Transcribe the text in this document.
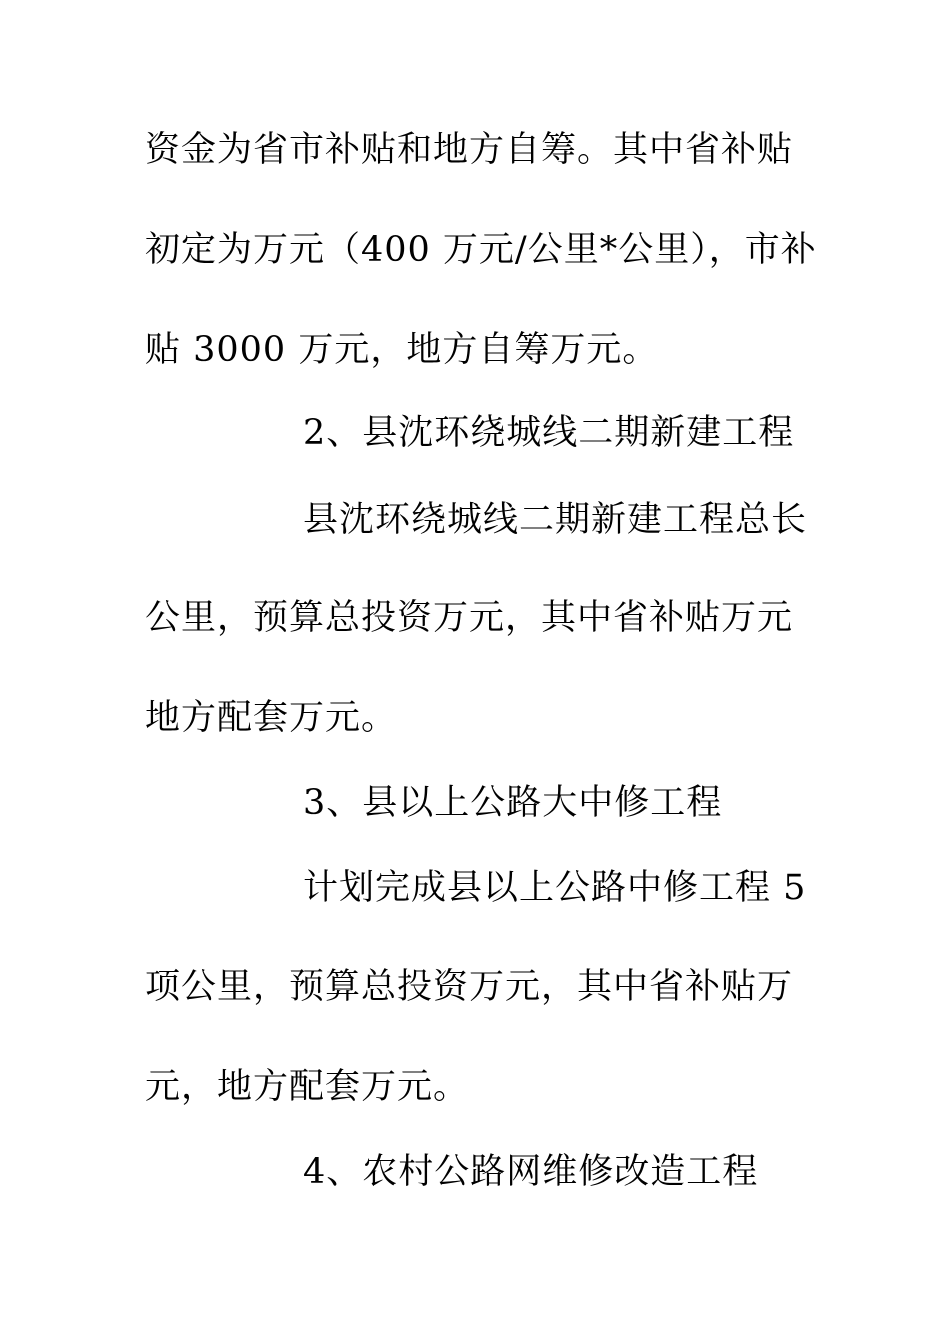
资金为省市补贴和地方自筹。其中省补贴
初定为万元（400 万元/公里*公里），市补
贴 3000 万元，地方自筹万元。
2、县沈环绕城线二期新建工程
县沈环绕城线二期新建工程总长
公里，预算总投资万元，其中省补贴万元
地方配套万元。
3、县以上公路大中修工程
计划完成县以上公路中修工程 5
项公里，预算总投资万元，其中省补贴万
元，地方配套万元。
4、农村公路网维修改造工程
